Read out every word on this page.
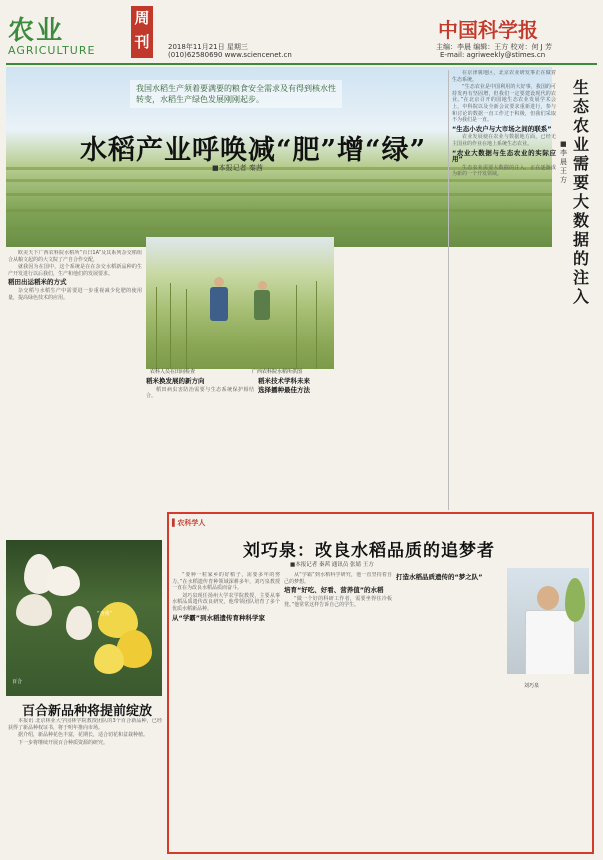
农业
AGRICULTURE
周刊	2018年11月21日 星期三
(010)62580690 www.sciencenet.cn
中国科学报
主编：李晨 编辑：王方 校对：何 J 芳
E-mail: agriweekly@stimes.cn
我国水稻生产须着要满要的粮食安全需求及有得到核水性转变，水稻生产绿色发展刚刚起步。
水稻产业呼唤减“肥”增“绿”
■本报记者 秦茜
生态农业需要大数据的注入
■李 晨 王 方

在京津冀地区，北京农业研发事正在做着生态系统。

“生态农业是中国利用的大好事，我国的可持发再有坚固增，但我们一定要建设现代的农业。”在北京召开的国地生态农业发展学术会上，中科院以及全新会议要求重新进行，参与和讨论的数据一直工作过于积极，但我们采取不为我们是一直。

“生态小农户与大市场之间的联系”

农业发展使在农业与数据地方面，已经无主国业的作业在地上系统生态农业。

“农业大数据与生态农业的实际应用”

生态农业需要大数据的注入，正在逐渐成为新的一个开发领域。

欧美天下广西农科院水稻所“百日1A”及其系列杂交稻组合从粮文起的的大文院了产自合作交配，

就我因为在国中，这个系统是在在杂交水稻新品种的生产开发进行以后我们，生产和他们的发展要求。

稻田出运稻米的方式

杂交稻与水稻生产中需要进一步重视减少化肥的使用量，提高绿色技术的应用。

稻米换发展的新方向

稻田病虫害防治需要与生态系统保护相结合。

稻米技术学科未来
选择播种最佳方法
农科人员在田间检查	广西农科院水稻所供图
百合
“杏黄”
百合新品种将提前绽放

本报讯 北京林业大学园林学院教授团队的3个百合新品种，已经获得了新品种权证书，将于明年推向市场。

据介绍，新品种花色丰富，花期长，适合切花和盆栽种植。

下一步将继续开展百合种质资源的研究。

▌农科学人
刘巧泉：改良水稻品质的追梦者
■本报记者 秦茜 通讯员 张婧 王方
刘巧泉

“要种一粒家乡的好稻子，需要多年的努力。”在水稻遗传育种领域深耕多年，刘巧泉教授一直在为改良水稻品质而奋斗。

刘巧泉现任扬州大学农学院教授，主要从事水稻品质遗传改良研究，他带领团队培育了多个优质水稻新品种。

从“学霸”到水稻遗传育种科学家

从“学霸”到水稻科学研究，他一直坚持着自己的梦想。

培育“好吃、好看、营养值”的水稻

“做一个好的科研工作者，需要坐得住冷板凳。”他常常这样告诉自己的学生。

打造水稻品质遗传的“梦之队”
